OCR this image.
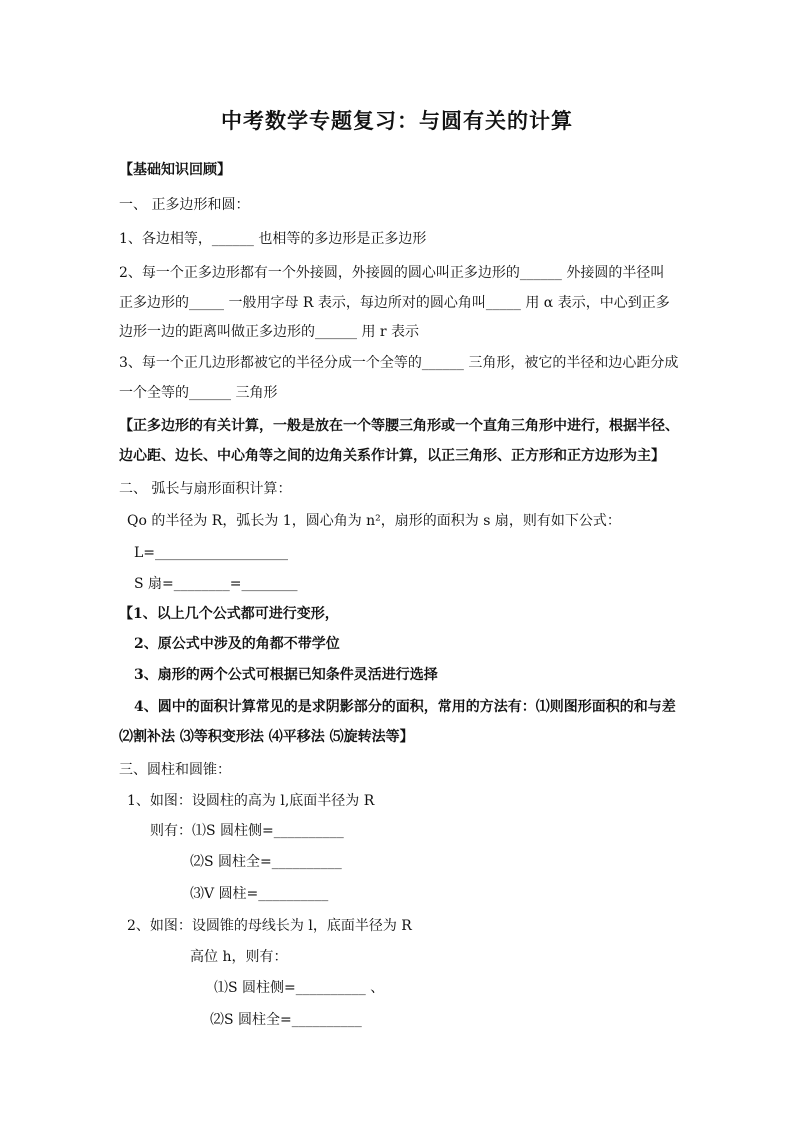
中考数学专题复习：与圆有关的计算
【基础知识回顾】
一、 正多边形和圆：
1、各边相等，______ 也相等的多边形是正多边形
2、每一个正多边形都有一个外接圆，外接圆的圆心叫正多边形的______ 外接圆的半径叫
正多边形的_____ 一般用字母 R 表示，每边所对的圆心角叫_____ 用 α 表示，中心到正多
边形一边的距离叫做正多边形的______ 用 r 表示
3、每一个正几边形都被它的半径分成一个全等的______ 三角形，被它的半径和边心距分成
一个全等的______ 三角形
【正多边形的有关计算，一般是放在一个等腰三角形或一个直角三角形中进行，根据半径、
边心距、边长、中心角等之间的边角关系作计算，以正三角形、正方形和正方边形为主】
二、 弧长与扇形面积计算：
Qo 的半径为 R，弧长为 1，圆心角为 n²，扇形的面积为 s 扇，则有如下公式：
L=___________________
S 扇=________=________
【1、以上几个公式都可进行变形，
2、原公式中涉及的角都不带学位
3、扇形的两个公式可根据已知条件灵活进行选择
4、圆中的面积计算常见的是求阴影部分的面积，常用的方法有：⑴则图形面积的和与差
⑵割补法 ⑶等积变形法 ⑷平移法 ⑸旋转法等】
三、圆柱和圆锥：
1、如图：设圆柱的高为 l,底面半径为 R
则有：⑴S 圆柱侧=__________
⑵S 圆柱全=__________
⑶V 圆柱=__________
2、如图：设圆锥的母线长为 l，底面半径为 R
高位 h，则有：
⑴S 圆柱侧=__________ 、
⑵S 圆柱全=__________
